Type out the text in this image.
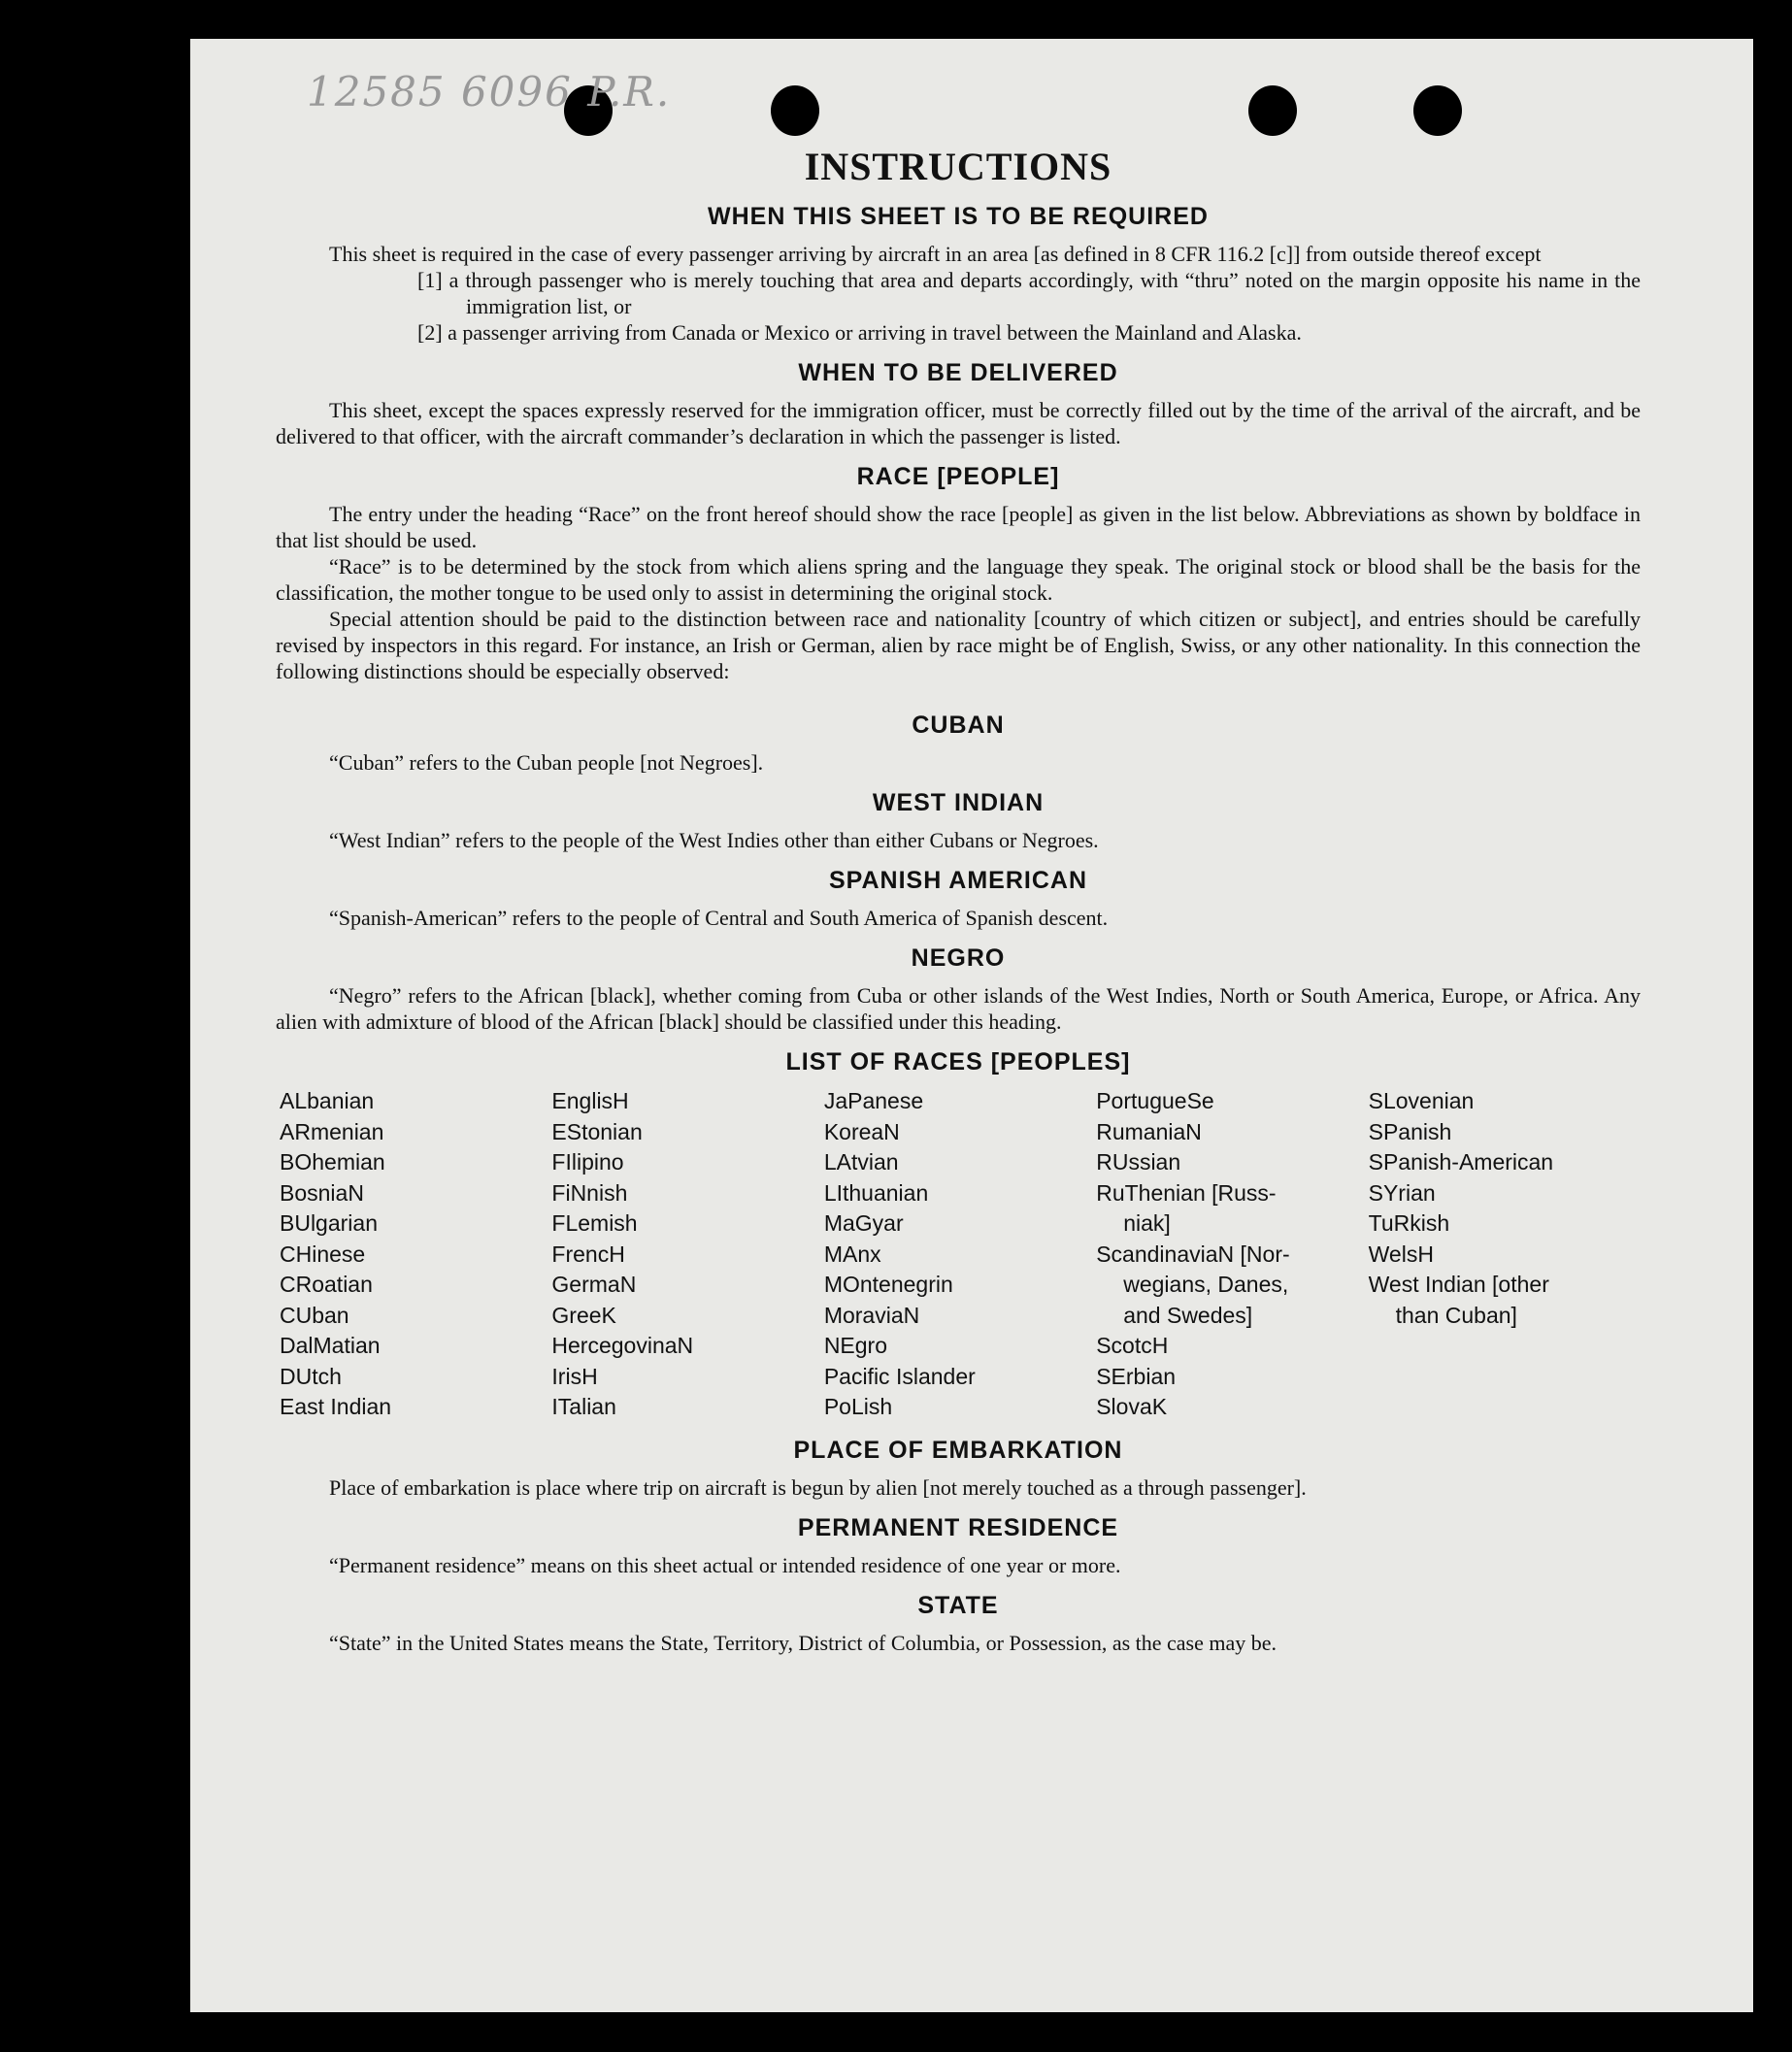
12585 6096 P.R.
INSTRUCTIONS
WHEN THIS SHEET IS TO BE REQUIRED

This sheet is required in the case of every passenger arriving by aircraft in an area [as defined in 8 CFR 116.2 [c]] from outside thereof except

[1] a through passenger who is merely touching that area and departs accordingly, with “thru” noted on the margin opposite his name in the immigration list, or

[2] a passenger arriving from Canada or Mexico or arriving in travel between the Mainland and Alaska.

WHEN TO BE DELIVERED

This sheet, except the spaces expressly reserved for the immigration officer, must be correctly filled out by the time of the arrival of the aircraft, and be delivered to that officer, with the aircraft commander’s declaration in which the passenger is listed.

RACE [PEOPLE]

The entry under the heading “Race” on the front hereof should show the race [people] as given in the list below. Abbreviations as shown by boldface in that list should be used.

“Race” is to be determined by the stock from which aliens spring and the language they speak. The original stock or blood shall be the basis for the classification, the mother tongue to be used only to assist in determining the original stock.

Special attention should be paid to the distinction between race and nationality [country of which citizen or subject], and entries should be carefully revised by inspectors in this regard. For instance, an Irish or German, alien by race might be of English, Swiss, or any other nationality. In this connection the following distinctions should be especially observed:

CUBAN

“Cuban” refers to the Cuban people [not Negroes].

WEST INDIAN

“West Indian” refers to the people of the West Indies other than either Cubans or Negroes.

SPANISH AMERICAN

“Spanish-American” refers to the people of Central and South America of Spanish descent.

NEGRO

“Negro” refers to the African [black], whether coming from Cuba or other islands of the West Indies, North or South America, Europe, or Africa. Any alien with admixture of blood of the African [black] should be classified under this heading.

LIST OF RACES [PEOPLES]
ALbanian
ARmenian
BOhemian
BosniaN
BUlgarian
CHinese
CRoatian
CUban
DalMatian
DUtch
East Indian
EnglisH
EStonian
FIlipino
FiNnish
FLemish
FrencH
GermaN
GreeK
HercegovinaN
IrisH
ITalian
JaPanese
KoreaN
LAtvian
LIthuanian
MaGyar
MAnx
MOntenegrin
MoraviaN
NEgro
Pacific Islander
PoLish
PortugueSe
RumaniaN
RUssian
RuThenian [Russ-
niak]
ScandinaviaN [Nor-
wegians, Danes,
and Swedes]
ScotcH
SErbian
SlovaK
SLovenian
SPanish
SPanish-American
SYrian
TuRkish
WelsH
West Indian [other
than Cuban]
PLACE OF EMBARKATION

Place of embarkation is place where trip on aircraft is begun by alien [not merely touched as a through passenger].

PERMANENT RESIDENCE

“Permanent residence” means on this sheet actual or intended residence of one year or more.

STATE

“State” in the United States means the State, Territory, District of Columbia, or Possession, as the case may be.
